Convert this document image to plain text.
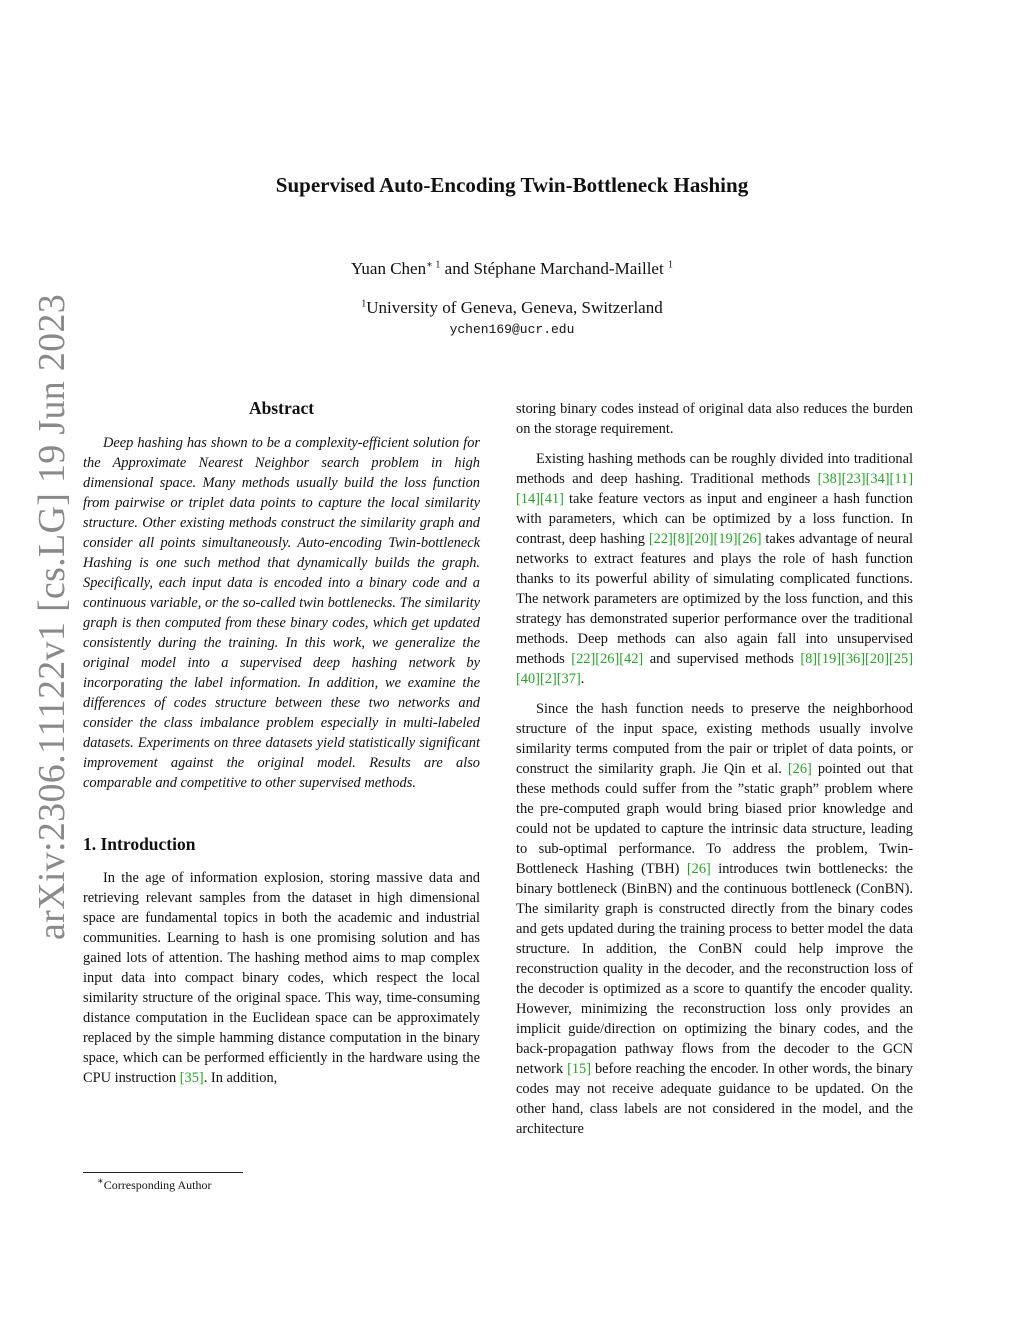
arXiv:2306.11122v1 [cs.LG] 19 Jun 2023
Supervised Auto-Encoding Twin-Bottleneck Hashing
Yuan Chen$^{∗ 1}$ and Stéphane Marchand-Maillet $^1$
$^1$University of Geneva, Geneva, Switzerland
ychen169@ucr.edu
Abstract

Deep hashing has shown to be a complexity-efficient solution for the Approximate Nearest Neighbor search problem in high dimensional space. Many methods usually build the loss function from pairwise or triplet data points to capture the local similarity structure. Other existing methods construct the similarity graph and consider all points simultaneously. Auto-encoding Twin-bottleneck Hashing is one such method that dynamically builds the graph. Specifically, each input data is encoded into a binary code and a continuous variable, or the so-called twin bottlenecks. The similarity graph is then computed from these binary codes, which get updated consistently during the training. In this work, we generalize the original model into a supervised deep hashing network by incorporating the label information. In addition, we examine the differences of codes structure between these two networks and consider the class imbalance problem especially in multi-labeled datasets. Experiments on three datasets yield statistically significant improvement against the original model. Results are also comparable and competitive to other supervised methods.

1. Introduction

In the age of information explosion, storing massive data and retrieving relevant samples from the dataset in high dimensional space are fundamental topics in both the academic and industrial communities. Learning to hash is one promising solution and has gained lots of attention. The hashing method aims to map complex input data into compact binary codes, which respect the local similarity structure of the original space. This way, time-consuming distance computation in the Euclidean space can be approximately replaced by the simple hamming distance computation in the binary space, which can be performed efficiently in the hardware using the CPU instruction [35]. In addition,

storing binary codes instead of original data also reduces the burden on the storage requirement.

Existing hashing methods can be roughly divided into traditional methods and deep hashing. Traditional methods [38][23][34][11][14][41] take feature vectors as input and engineer a hash function with parameters, which can be optimized by a loss function. In contrast, deep hashing [22][8][20][19][26] takes advantage of neural networks to extract features and plays the role of hash function thanks to its powerful ability of simulating complicated functions. The network parameters are optimized by the loss function, and this strategy has demonstrated superior performance over the traditional methods. Deep methods can also again fall into unsupervised methods [22][26][42] and supervised methods [8][19][36][20][25][40][2][37].

Since the hash function needs to preserve the neighborhood structure of the input space, existing methods usually involve similarity terms computed from the pair or triplet of data points, or construct the similarity graph. Jie Qin et al. [26] pointed out that these methods could suffer from the ”static graph” problem where the pre-computed graph would bring biased prior knowledge and could not be updated to capture the intrinsic data structure, leading to sub-optimal performance. To address the problem, Twin-Bottleneck Hashing (TBH) [26] introduces twin bottlenecks: the binary bottleneck (BinBN) and the continuous bottleneck (ConBN). The similarity graph is constructed directly from the binary codes and gets updated during the training process to better model the data structure. In addition, the ConBN could help improve the reconstruction quality in the decoder, and the reconstruction loss of the decoder is optimized as a score to quantify the encoder quality. However, minimizing the reconstruction loss only provides an implicit guide/direction on optimizing the binary codes, and the back-propagation pathway flows from the decoder to the GCN network [15] before reaching the encoder. In other words, the binary codes may not receive adequate guidance to be updated. On the other hand, class labels are not considered in the model, and the architecture

∗Corresponding Author
